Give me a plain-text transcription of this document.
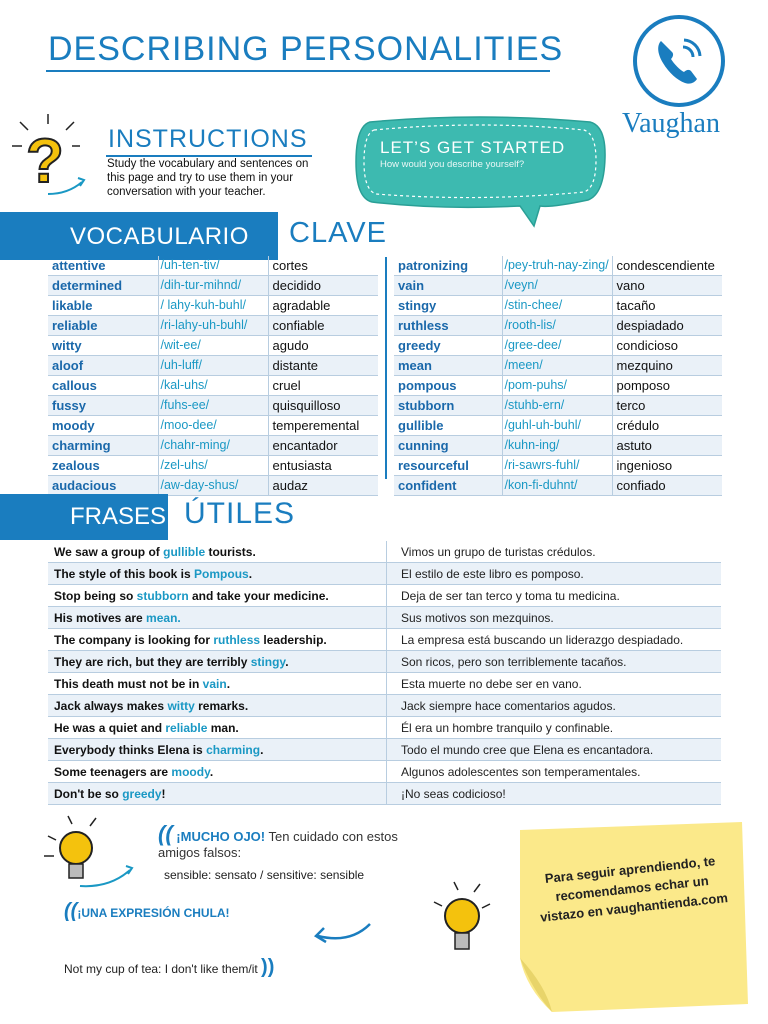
DESCRIBING PERSONALITIES
Vaughan
? INSTRUCTIONS
Study the vocabulary and sentences on this page and try to use them in your conversation with your teacher.
LET’S GET STARTED
How would you describe yourself?
VOCABULARIO CLAVE
attentive	/uh-ten-tiv/	cortes
determined	/dih-tur-mihnd/	decidido
likable	/ lahy-kuh-buhl/	agradable
reliable	/ri-lahy-uh-buhl/	confiable
witty	/wit-ee/	agudo
aloof	/uh-luff/	distante
callous	/kal-uhs/	cruel
fussy	/fuhs-ee/	quisquilloso
moody	/moo-dee/	temperemental
charming	/chahr-ming/	encantador
zealous	/zel-uhs/	entusiasta
audacious	/aw-day-shus/	audaz
patronizing	/pey-truh-nay-zing/	condescendiente
vain	/veyn/	vano
stingy	/stin-chee/	tacaño
ruthless	/rooth-lis/	despiadado
greedy	/gree-dee/	condicioso
mean	/meen/	mezquino
pompous	/pom-puhs/	pomposo
stubborn	/stuhb-ern/	terco
gullible	/guhl-uh-buhl/	crédulo
cunning	/kuhn-ing/	astuto
resourceful	/ri-sawrs-fuhl/	ingenioso
confident	/kon-fi-duhnt/	confiado
FRASES ÚTILES
We saw a group of gullible tourists.	Vimos un grupo de turistas crédulos.
The style of this book is Pompous.	El estilo de este libro es pomposo.
Stop being so stubborn and take your medicine.	Deja de ser tan terco y toma tu medicina.
His motives are mean.	Sus motivos son mezquinos.
The company is looking for ruthless leadership.	La empresa está buscando un liderazgo despiadado.
They are rich, but they are terribly stingy.	Son ricos, pero son terriblemente tacaños.
This death must not be in vain.	Esta muerte no debe ser en vano.
Jack always makes witty remarks.	Jack siempre hace comentarios agudos.
He was a quiet and reliable man.	Él era un hombre tranquilo y confinable.
Everybody thinks Elena is charming.	Todo el mundo cree que Elena es encantadora.
Some teenagers are moody.	Algunos adolescentes son temperamentales.
Don't be so greedy!	¡No seas codicioso!
(( ¡MUCHO OJO! Ten cuidado con estos amigos falsos:
sensible: sensato / sensitive: sensible
((¡UNA EXPRESIÓN CHULA!
Not my cup of tea: I don't like them/it ))
Para seguir aprendiendo, te recomendamos echar un vistazo en vaughantienda.com
